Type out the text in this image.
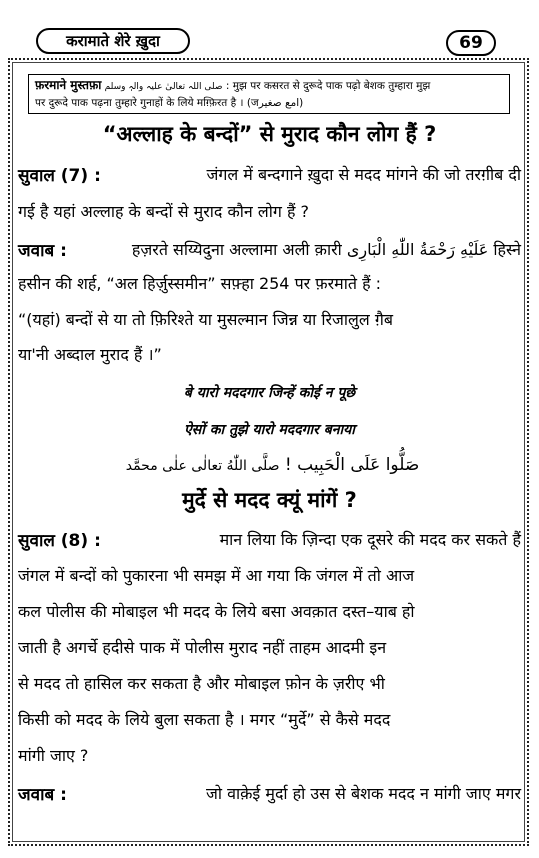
करामाते शेरे ख़ुदा	69
फ़रमाने मुस्तफ़ा صلی اللہ تعالیٰ علیہ والہٖ وسلم : मुझ पर कसरत से दुरूदे पाक पढ़ो बेशक तुम्हारा मुझ
पर दुरूदे पाक पढ़ना तुम्हारे गुनाहों के लिये मग़्फ़िरत है । (जامع صغیر)
“अल्लाह के बन्दों” से मुराद कौन लोग हैं ?
सुवाल (7) :	जंगल में बन्दगाने ख़ुदा से मदद मांगने की जो तरग़ीब दी
गई है यहां अल्लाह के बन्दों से मुराद कौन लोग हैं ?
जवाब :	हज़रते सय्यिदुना अल्लामा अली क़ारी عَلَيْهِ رَحْمَةُ اللّٰهِ الْبَارِى हिस्ने
हसीन की शर्ह, “अल हिर्ज़ुस्समीन” सफ़्हा 254 पर फ़रमाते हैं :
“(यहां) बन्दों से या तो फ़िरिश्ते या मुसल्मान जिन्न या रिजालुल ग़ैब
या'नी अब्दाल मुराद हैं ।”
बे यारो मददगार जिन्हें कोई न पूछे
ऐसों का तुझे यारो मददगार बनाया
صَلُّوا عَلَی الْحَبِیب ! صلَّی اللّٰهُ تعالٰی علٰی محمَّد
मुर्दे से मदद क्यूं मांगें ?
सुवाल (8) :	मान लिया कि ज़िन्दा एक दूसरे की मदद कर सकते हैं
जंगल में बन्दों को पुकारना भी समझ में आ गया कि जंगल में तो आज
कल पोलीस की मोबाइल भी मदद के लिये बसा अवक़ात दस्त–याब हो
जाती है अगर्चे हदीसे पाक में पोलीस मुराद नहीं ताहम आदमी इन
से मदद तो हासिल कर सकता है और मोबाइल फ़ोन के ज़रीए भी
किसी को मदद के लिये बुला सकता है । मगर “मुर्दे” से कैसे मदद
मांगी जाए ?
जवाब :	जो वाक़ेई मुर्दा हो उस से बेशक मदद न मांगी जाए मगर
